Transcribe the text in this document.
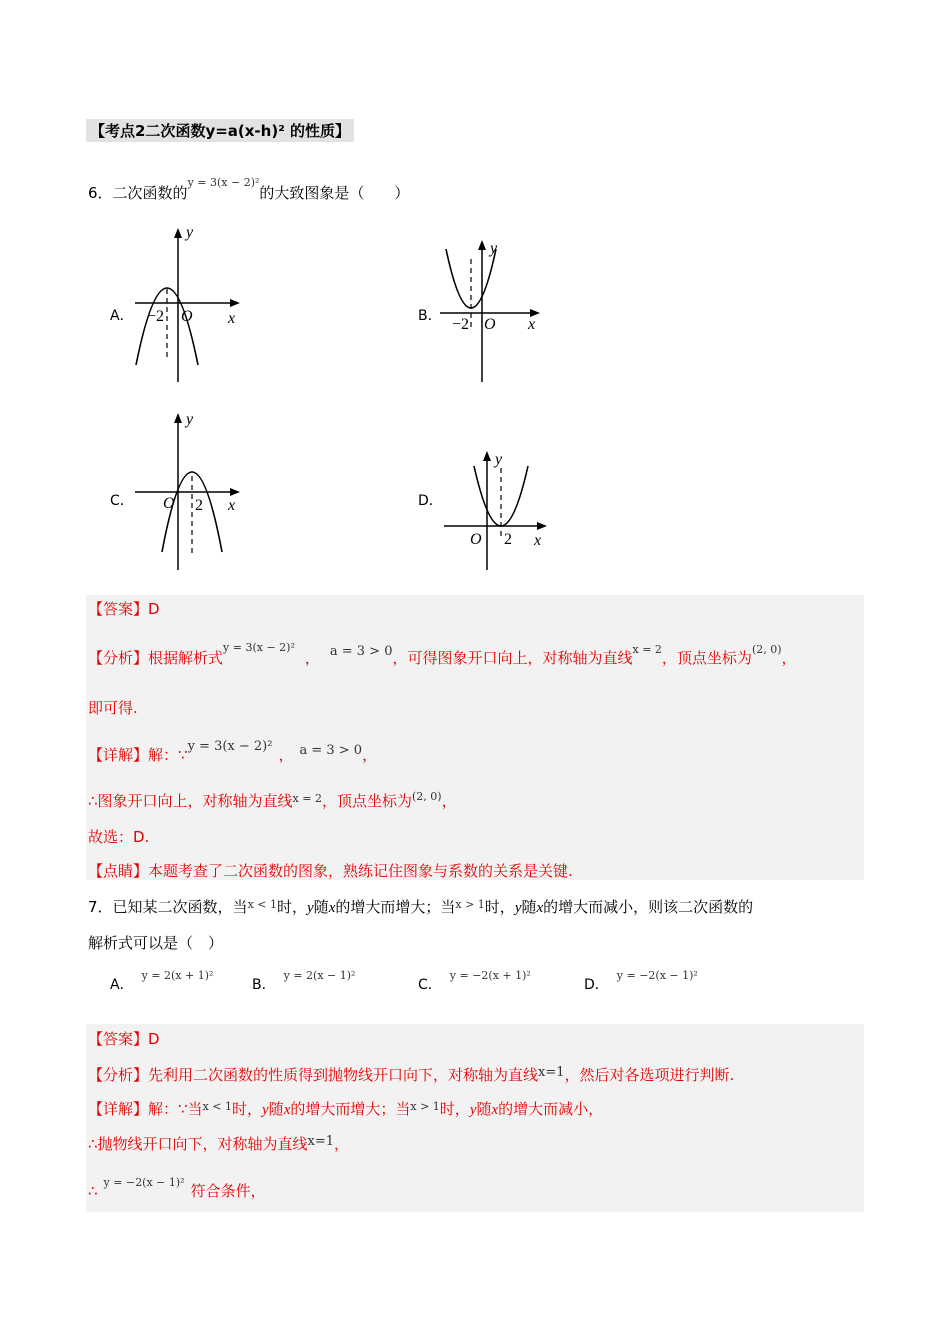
【考点2二次函数y=a(x-h)² 的性质】
6．二次函数的$^{y = 3(x - 2)^2}$的大致图象是（　　）
A．
y
−2 O x	B．
y
−2 O x
C．
y
O 2 x	D．
y
O 2 x
【答案】D
【分析】根据解析式$^{y = 3(x - 2)^2}$， a = 3 > 0，可得图象开口向上，对称轴为直线$^{x = 2}$，顶点坐标为$^{(2, 0)}$，
即可得.
【详解】解：∵y = 3(x − 2)² ， a = 3 > 0，
∴图象开口向上，对称轴为直线$^{x = 2}$，顶点坐标为$^{(2, 0)}$，
故选：D.
【点睛】本题考查了二次函数的图象，熟练记住图象与系数的关系是关键.
7．已知某二次函数，当$^{x < 1}$时，y随x的增大而增大；当$^{x > 1}$时，y随x的增大而减小，则该二次函数的
解析式可以是（　）
A．$^{y = 2(x + 1)^2}$
B．$^{y = 2(x - 1)^2}$
C．$^{y = -2(x + 1)^2}$
D．$^{y = -2(x - 1)^2}$
【答案】D
【分析】先利用二次函数的性质得到抛物线开口向下，对称轴为直线x=1，然后对各选项进行判断.
【详解】解：∵当$^{x < 1}$时，y随x的增大而增大；当$^{x > 1}$时，y随x的增大而减小，
∴抛物线开口向下，对称轴为直线x=1，
∴ $^{y = -2(x - 1)^2}$ 符合条件，
